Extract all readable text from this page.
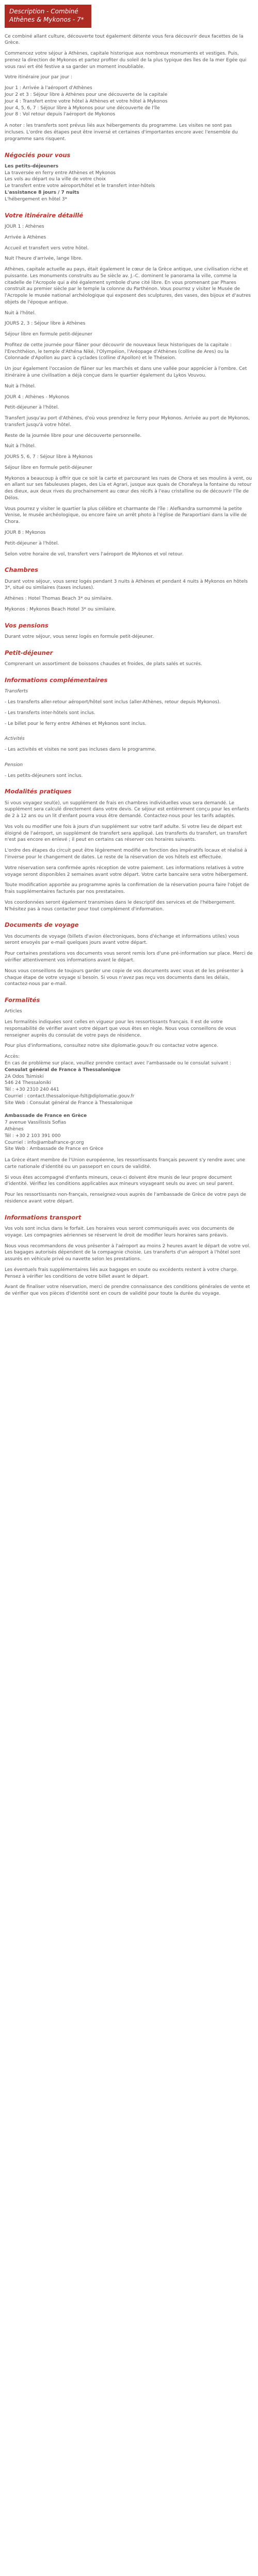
Description - Combiné Athènes & Mykonos - 7*

Ce combiné allant culture, découverte tout également détente vous fera découvrir deux facettes de la Grèce.

Commencez votre séjour à Athènes, capitale historique aux nombreux monuments et vestiges. Puis, prenez la direction de Mykonos et partez profiter du soleil de la plus typique des îles de la mer Egée qui vous ravi ert été festive a sa garder un moment inoubliable.

Votre itinéraire jour par jour :

Jour 1 : Arrivée à l'aéroport d'Athènes
Jour 2 et 3 : Séjour libre à Athènes pour une découverte de la capitale
Jour 4 : Transfert entre votre hôtel à Athènes et votre hôtel à Mykonos
Jour 4, 5, 6, 7 : Séjour libre à Mykonos pour une découverte de l'île
Jour 8 : Vol retour depuis l'aéroport de Mykonos

A noter : les transferts sont prévus liés aux hébergements du programme. Les visites ne sont pas incluses. L'ordre des étapes peut être inversé et certaines d'importantes encore avec l'ensemble du programme sans risquent.

Négociés pour vous
Les petits-déjeuners
La traversée en ferry entre Athènes et Mykonos
Les vols au départ ou la ville de votre choix
Le transfert entre votre aéroport/hôtel et le transfert inter-hôtels
L'assistance 8 jours / 7 nuits
L'hébergement en hôtel 3*
Votre itinéraire détaillé

JOUR 1 : Athènes

Arrivée à Athènes

Accueil et transfert vers votre hôtel.

Nuit l'heure d'arrivée, lange libre.

Athènes, capitale actuelle au pays, était également le cœur de la Grèce antique, une civilisation riche et puissante. Les monuments construits au 5e siècle av. J.-C. dominent le panorama la ville, comme la citadelle de l'Acropole qui a été également symbole d'une cité libre. En vous promenant par Phares construit au premier siècle par le temple la colonne du Parthénon. Vous pourrez y visiter le Musée de l'Acropole le musée national archéologique qui exposent des sculptures, des vases, des bijoux et d'autres objets de l'époque antique.

Nuit à l'hôtel.

JOURS 2, 3 : Séjour libre à Athènes

Séjour libre en formule petit-déjeuner

Profitez de cette journée pour flâner pour découvrir de nouveaux lieux historiques de la capitale : l'Erechthéion, le temple d'Athéna Niké, l'Olympéion, l'Aréopage d'Athènes (colline de Ares) ou la Colonnade d'Apollon au parc à cyclades (colline d'Apollon) et le Théseion.

Un jour également l'occasion de flâner sur les marchés et dans une vallée pour apprécier à l'ombre. Cet itinéraire à une civilisation a déjà conçue dans le quartier également du Lykos Vouvou.

Nuit à l'hôtel.

JOUR 4 : Athènes - Mykonos

Petit-déjeuner à l'hôtel.

Transfert jusqu'au port d'Athènes, d'où vous prendrez le ferry pour Mykonos. Arrivée au port de Mykonos, transfert jusqu'à votre hôtel.

Reste de la journée libre pour une découverte personnelle.

Nuit à l'hôtel.

JOURS 5, 6, 7 : Séjour libre à Mykonos

Séjour libre en formule petit-déjeuner

Mykonos a beaucoup à offrir que ce soit la carte et parcourant les rues de Chora et ses moulins à vent, ou en allant sur ses fabuleuses plages, des Lia et Agrari, jusque aux quais de Chorafeya la fontaine du retour des dieux, aux deux rives du prochainement au cœur des récifs à l'eau cristalline ou de découvrir l'île de Délos.

Vous pourrez y visiter le quartier la plus célèbre et charmante de l'île : Alefkandra surnommé la petite Venise, le musée archéologique, ou encore faire un arrêt photo à l'église de Paraportiani dans la ville de Chora.

JOUR 8 : Mykonos

Petit-déjeuner à l'hôtel.

Selon votre horaire de vol, transfert vers l'aéroport de Mykonos et vol retour.

Chambres

Durant votre séjour, vous serez logés pendant 3 nuits à Athènes et pendant 4 nuits à Mykonos en hôtels 3*, situé ou similaires (taxes incluses).

Athènes : Hotel Thomas Beach 3* ou similaire.

Mykonos : Mykonos Beach Hotel 3* ou similaire.

Vos pensions

Durant votre séjour, vous serez logés en formule petit-déjeuner.

Petit-déjeuner

Comprenant un assortiment de boissons chaudes et froides, de plats salés et sucrés.

Informations complémentaires

Transferts

- Les transferts aller-retour aéroport/hôtel sont inclus (aller-Athènes, retour depuis Mykonos).

- Les transferts inter-hôtels sont inclus.

- Le billet pour le ferry entre Athènes et Mykonos sont inclus.

Activités

- Les activités et visites ne sont pas incluses dans le programme.

Pension

- Les petits-déjeuners sont inclus.

Modalités pratiques

Si vous voyagez seul(e), un supplément de frais en chambres individuelles vous sera demandé. Le supplément sera calculé directement dans votre devis. Ce séjour est entièrement conçu pour les enfants de 2 à 12 ans ou un lit d'enfant pourra vous être demandé. Contactez-nous pour les tarifs adaptés.

Vos vols ou modifier une fois à jours d'un supplément sur votre tarif adulte. Si votre lieu de départ est éloigné de l'aéroport, un supplément de transfert sera appliqué. Les transferts du transfert, un transfert n'est pas encore en enlevé ; il peut en certains cas réserver ces horaires suivants.

L'ordre des étapes du circuit peut être légèrement modifié en fonction des impératifs locaux et réalisé à l'inverse pour le changement de dates. Le reste de la réservation de vos hôtels est effectuée.

Votre réservation sera confirmée après réception de votre paiement. Les informations relatives à votre voyage seront disponibles 2 semaines avant votre départ. Votre carte bancaire sera votre hébergement.

Toute modification apportée au programme après la confirmation de la réservation pourra faire l'objet de frais supplémentaires facturés par nos prestataires.

Vos coordonnées seront également transmises dans le descriptif des services et de l'hébergement. N'hésitez pas à nous contacter pour tout complément d'information.

Documents de voyage

Vos documents de voyage (billets d'avion électroniques, bons d'échange et informations utiles) vous seront envoyés par e-mail quelques jours avant votre départ.

Pour certaines prestations vos documents vous seront remis lors d'une pré-information sur place. Merci de vérifier attentivement vos informations avant le départ.

Nous vous conseillons de toujours garder une copie de vos documents avec vous et de les présenter à chaque étape de votre voyage si besoin. Si vous n'avez pas reçu vos documents dans les délais, contactez-nous par e-mail.

Formalités

Articles

Les formalités indiquées sont celles en vigueur pour les ressortissants français. Il est de votre responsabilité de vérifier avant votre départ que vous êtes en règle. Nous vous conseillons de vous renseigner auprès du consulat de votre pays de résidence.

Pour plus d'informations, consultez notre site diplomatie.gouv.fr ou contactez votre agence.

Accès:
En cas de problème sur place, veuillez prendre contact avec l'ambassade ou le consulat suivant :
Consulat général de France à Thessalonique
2A Odos Tsimiski
546 24 Thessaloniki
Tél : +30 2310 240 441
Courriel : contact.thessalonique-fslt@diplomatie.gouv.fr
Site Web : Consulat général de France à Thessalonique
Ambassade de France en Grèce
7 avenue Vassilissis Sofias
Athènes
Tél : +30 2 103 391 000
Courriel : info@ambafrance-gr.org
Site Web : Ambassade de France en Grèce

La Grèce étant membre de l'Union européenne, les ressortissants français peuvent s'y rendre avec une carte nationale d'identité ou un passeport en cours de validité.

Si vous êtes accompagné d'enfants mineurs, ceux-ci doivent être munis de leur propre document d'identité. Vérifiez les conditions applicables aux mineurs voyageant seuls ou avec un seul parent.

Pour les ressortissants non-français, renseignez-vous auprès de l'ambassade de Grèce de votre pays de résidence avant votre départ.

Informations transport

Vos vols sont inclus dans le forfait. Les horaires vous seront communiqués avec vos documents de voyage. Les compagnies aériennes se réservent le droit de modifier leurs horaires sans préavis.

Nous vous recommandons de vous présenter à l'aéroport au moins 2 heures avant le départ de votre vol. Les bagages autorisés dépendent de la compagnie choisie. Les transferts d'un aéroport à l'hôtel sont assurés en véhicule privé ou navette selon les prestations.

Les éventuels frais supplémentaires liés aux bagages en soute ou excédents restent à votre charge. Pensez à vérifier les conditions de votre billet avant le départ.

Avant de finaliser votre réservation, merci de prendre connaissance des conditions générales de vente et de vérifier que vos pièces d'identité sont en cours de validité pour toute la durée du voyage.
